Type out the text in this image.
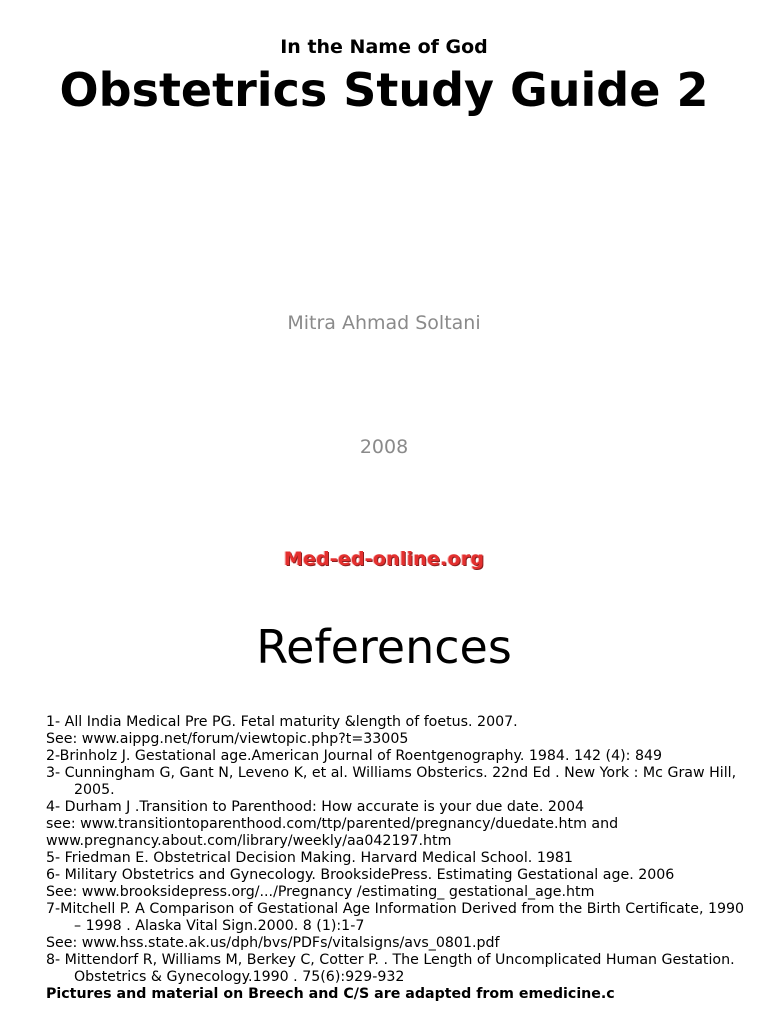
In the Name of God
Obstetrics Study Guide 2
Mitra Ahmad Soltani
2008
Med-ed-online.org
References
1- All India Medical Pre PG. Fetal maturity &length of foetus. 2007.
See: www.aippg.net/forum/viewtopic.php?t=33005
2-Brinholz J. Gestational age.American Journal of Roentgenography. 1984. 142 (4): 849
3- Cunningham G, Gant N, Leveno K, et al. Williams Obsterics. 22nd Ed . New York : Mc Graw Hill, 2005.
4- Durham J .Transition to Parenthood: How accurate is your due date. 2004
see: www.transitiontoparenthood.com/ttp/parented/pregnancy/duedate.htm and
www.pregnancy.about.com/library/weekly/aa042197.htm
5- Friedman E. Obstetrical Decision Making. Harvard Medical School. 1981
6- Military Obstetrics and Gynecology. BrooksidePress. Estimating Gestational age. 2006
See: www.brooksidepress.org/.../Pregnancy /estimating_ gestational_age.htm
7-Mitchell P. A Comparison of Gestational Age Information Derived from the Birth Certificate, 1990 – 1998 . Alaska Vital Sign.2000. 8 (1):1-7
See: www.hss.state.ak.us/dph/bvs/PDFs/vitalsigns/avs_0801.pdf
8- Mittendorf R, Williams M, Berkey C, Cotter P. . The Length of Uncomplicated Human Gestation. Obstetrics & Gynecology.1990 . 75(6):929-932
Pictures and material on Breech and C/S are adapted from emedicine.c
